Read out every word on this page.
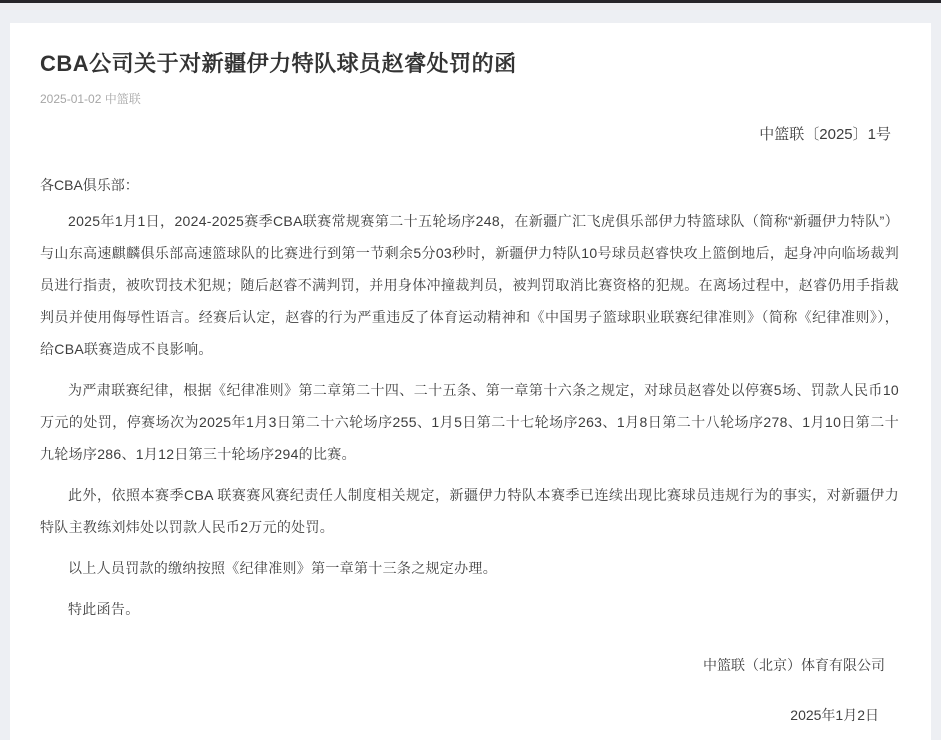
CBA公司关于对新疆伊力特队球员赵睿处罚的函
2025-01-02 中篮联
中篮联〔2025〕1号
各CBA俱乐部：

2025年1月1日，2024-2025赛季CBA联赛常规赛第二十五轮场序248，在新疆广汇飞虎俱乐部伊力特篮球队（简称“新疆伊力特队”）与山东高速麒麟俱乐部高速篮球队的比赛进行到第一节剩余5分03秒时，新疆伊力特队10号球员赵睿快攻上篮倒地后，起身冲向临场裁判员进行指责，被吹罚技术犯规；随后赵睿不满判罚，并用身体冲撞裁判员，被判罚取消比赛资格的犯规。在离场过程中，赵睿仍用手指裁判员并使用侮辱性语言。经赛后认定，赵睿的行为严重违反了体育运动精神和《中国男子篮球职业联赛纪律准则》（简称《纪律准则》），给CBA联赛造成不良影响。

为严肃联赛纪律，根据《纪律准则》第二章第二十四、二十五条、第一章第十六条之规定，对球员赵睿处以停赛5场、罚款人民币10万元的处罚，停赛场次为2025年1月3日第二十六轮场序255、1月5日第二十七轮场序263、1月8日第二十八轮场序278、1月10日第二十九轮场序286、1月12日第三十轮场序294的比赛。

此外，依照本赛季CBA 联赛赛风赛纪责任人制度相关规定，新疆伊力特队本赛季已连续出现比赛球员违规行为的事实，对新疆伊力特队主教练刘炜处以罚款人民币2万元的处罚。

以上人员罚款的缴纳按照《纪律准则》第一章第十三条之规定办理。

特此函告。

中篮联（北京）体育有限公司
2025年1月2日
